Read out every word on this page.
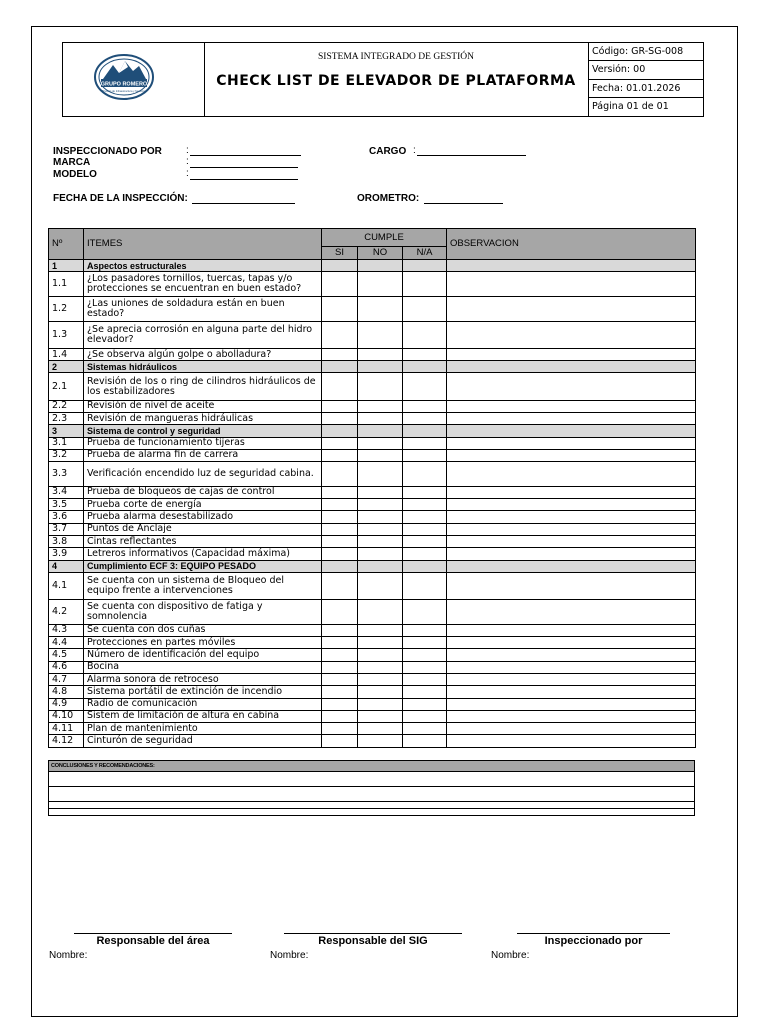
GRUPO ROMERO
División de Infraestructura y Servicios
SISTEMA INTEGRADO DE GESTIÓN
CHECK LIST DE ELEVADOR DE PLATAFORMA
Código: GR-SG-008
Versión: 00
Fecha: 01.01.2026
Página 01 de 01
INSPECCIONADO POR :
MARCA	:
MODELO	:
CARGO :
FECHA DE LA INSPECCIÓN:	OROMETRO:
Nº	ITEMES	CUMPLE			OBSERVACION
		SI	NO	N/A	
1	Aspectos estructurales				
1.1	¿Los pasadores tornillos, tuercas, tapas y/o protecciones se encuentran en buen estado?				
1.2	¿Las uniones de soldadura están en buen estado?				
1.3	¿Se aprecia corrosión en alguna parte del hidro elevador?				
1.4	¿Se observa algún golpe o abolladura?				
2	Sistemas hidráulicos				
2.1	Revisión de los o ring de cilindros hidráulicos de los estabilizadores				
2.2	Revisión de nivel de aceite				
2.3	Revisión de mangueras hidráulicas				
3	Sistema de control y seguridad				
3.1	Prueba de funcionamiento tijeras				
3.2	Prueba de alarma fin de carrera				
3.3	Verificación encendido luz de seguridad cabina.				
3.4	Prueba de bloqueos de cajas de control				
3.5	Prueba corte de energía				
3.6	Prueba alarma desestabilizado				
3.7	Puntos de Anclaje				
3.8	Cintas reflectantes				
3.9	Letreros informativos (Capacidad máxima)				
4	Cumplimiento ECF 3: EQUIPO PESADO				
4.1	Se cuenta con un sistema de Bloqueo del equipo frente a intervenciones				
4.2	Se cuenta con dispositivo de fatiga y somnolencia				
4.3	Se cuenta con dos cuñas				
4.4	Protecciones en partes móviles				
4.5	Número de identificación del equipo				
4.6	Bocina				
4.7	Alarma sonora de retroceso				
4.8	Sistema portátil de extinción de incendio				
4.9	Radio de comunicación				
4.10	Sistem de limitación de altura en cabina				
4.11	Plan de mantenimiento				
4.12	Cinturón de seguridad				
CONCLUSIONES Y RECOMENDACIONES:
Responsable del área
Nombre:
Responsable del SIG
Nombre:
Inspeccionado por
Nombre:
